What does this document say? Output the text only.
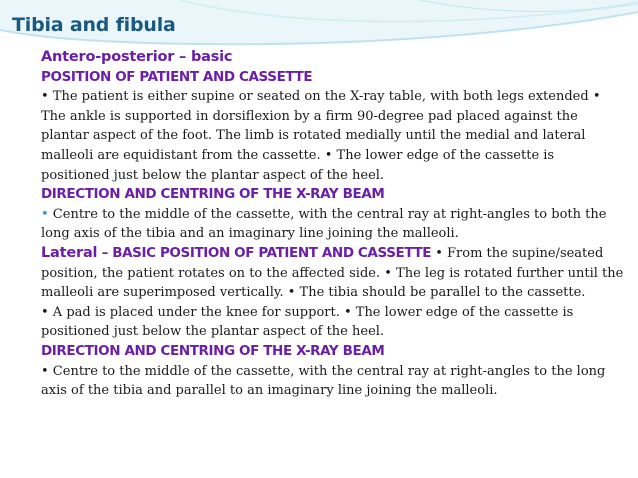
Tibia and fibula
Antero-posterior – basic
POSITION OF PATIENT AND CASSETTE

• The patient is either supine or seated on the X-ray table, with both legs extended • The ankle is supported in dorsiflexion by a firm 90-degree pad placed against the plantar aspect of the foot. The limb is rotated medially until the medial and lateral malleoli are equidistant from the cassette. • The lower edge of the cassette is positioned just below the plantar aspect of the heel.

DIRECTION AND CENTRING OF THE X-RAY BEAM

• Centre to the middle of the cassette, with the central ray at right-angles to both the long axis of the tibia and an imaginary line joining the malleoli.

Lateral – BASIC POSITION OF PATIENT AND CASSETTE • From the supine/seated position, the patient rotates on to the affected side. • The leg is rotated further until the malleoli are superimposed vertically. • The tibia should be parallel to the cassette.

• A pad is placed under the knee for support. • The lower edge of the cassette is positioned just below the plantar aspect of the heel.

DIRECTION AND CENTRING OF THE X-RAY BEAM

• Centre to the middle of the cassette, with the central ray at right-angles to the long axis of the tibia and parallel to an imaginary line joining the malleoli.
